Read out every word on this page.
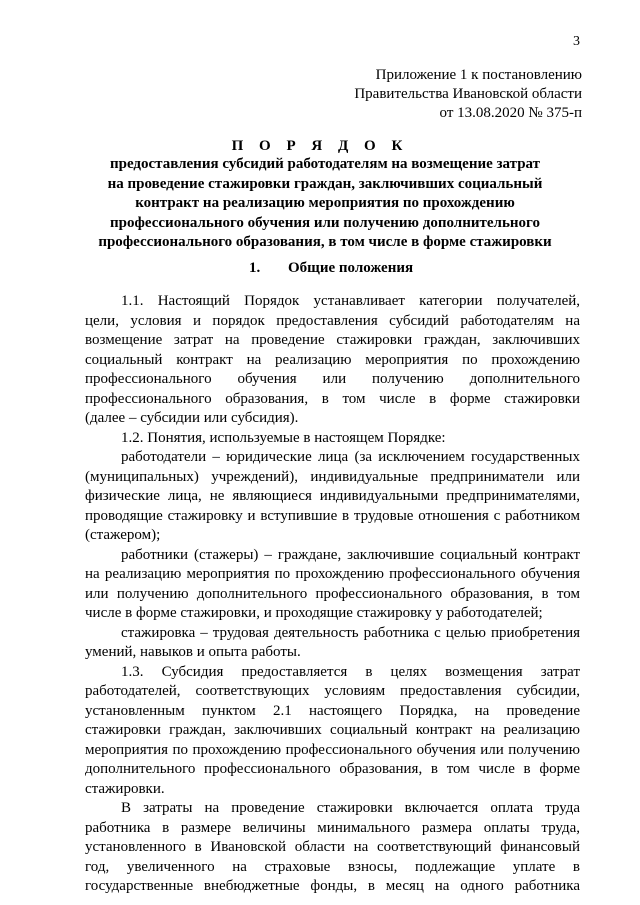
3
Приложение 1 к постановлению
Правительства Ивановской области
от 13.08.2020 № 375-п
П О Р Я Д О К
предоставления субсидий работодателям на возмещение затрат
на проведение стажировки граждан, заключивших социальный
контракт на реализацию мероприятия по прохождению
профессионального обучения или получению дополнительного
профессионального образования, в том числе в форме стажировки
1. Общие положения
1.1. Настоящий Порядок устанавливает категории получателей,
цели, условия и порядок предоставления субсидий работодателям на
возмещение затрат на проведение стажировки граждан, заключивших
социальный контракт на реализацию мероприятия по прохождению
профессионального обучения или получению дополнительного
профессионального образования, в том числе в форме стажировки
(далее – субсидии или субсидия).
1.2. Понятия, используемые в настоящем Порядке:
работодатели – юридические лица (за исключением государственных
(муниципальных) учреждений), индивидуальные предприниматели или
физические лица, не являющиеся индивидуальными предпринимателями,
проводящие стажировку и вступившие в трудовые отношения с работником
(стажером);
работники (стажеры) – граждане, заключившие социальный контракт
на реализацию мероприятия по прохождению профессионального обучения
или получению дополнительного профессионального образования, в том
числе в форме стажировки, и проходящие стажировку у работодателей;
стажировка – трудовая деятельность работника с целью приобретения
умений, навыков и опыта работы.
1.3. Субсидия предоставляется в целях возмещения затрат
работодателей, соответствующих условиям предоставления субсидии,
установленным пунктом 2.1 настоящего Порядка, на проведение
стажировки граждан, заключивших социальный контракт на реализацию
мероприятия по прохождению профессионального обучения или получению
дополнительного профессионального образования, в том числе в форме
стажировки.
В затраты на проведение стажировки включается оплата труда
работника в размере величины минимального размера оплаты труда,
установленного в Ивановской области на соответствующий финансовый
год, увеличенного на страховые взносы, подлежащие уплате в
государственные внебюджетные фонды, в месяц на одного работника
